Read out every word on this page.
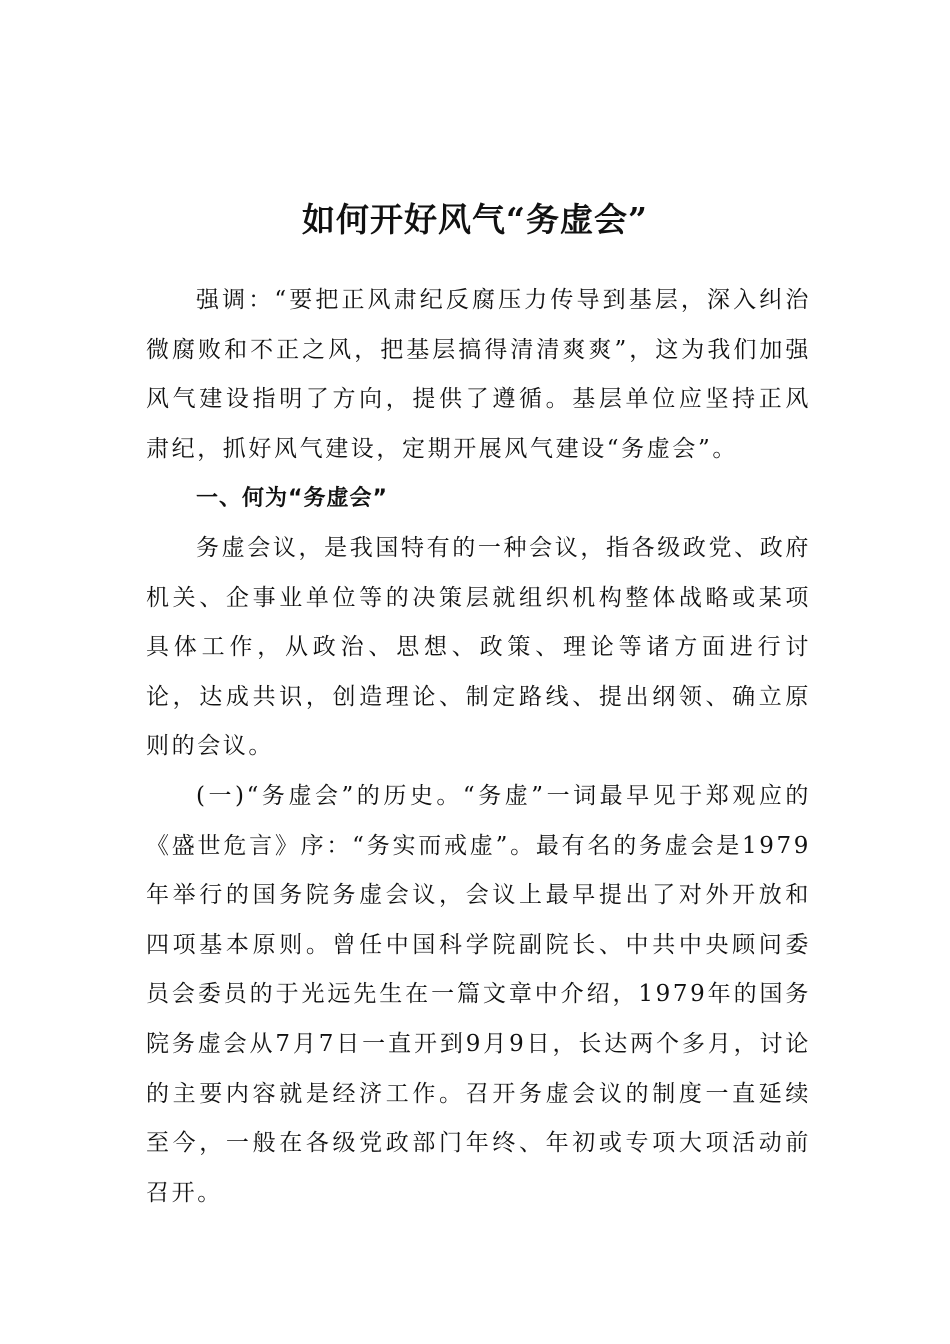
如何开好风气“务虚会”

强调：“要把正风肃纪反腐压力传导到基层，深入纠治微腐败和不正之风，把基层搞得清清爽爽”，这为我们加强风气建设指明了方向，提供了遵循。基层单位应坚持正风肃纪，抓好风气建设，定期开展风气建设“务虚会”。

一、何为“务虚会”

务虚会议，是我国特有的一种会议，指各级政党、政府机关、企事业单位等的决策层就组织机构整体战略或某项具体工作，从政治、思想、政策、理论等诸方面进行讨论，达成共识，创造理论、制定路线、提出纲领、确立原则的会议。

(一)“务虚会”的历史。“务虚”一词最早见于郑观应的《盛世危言》序：“务实而戒虚”。最有名的务虚会是1979年举行的国务院务虚会议，会议上最早提出了对外开放和四项基本原则。曾任中国科学院副院长、中共中央顾问委员会委员的于光远先生在一篇文章中介绍，1979年的国务院务虚会从7月7日一直开到9月9日，长达两个多月，讨论的主要内容就是经济工作。召开务虚会议的制度一直延续至今，一般在各级党政部门年终、年初或专项大项活动前召开。
